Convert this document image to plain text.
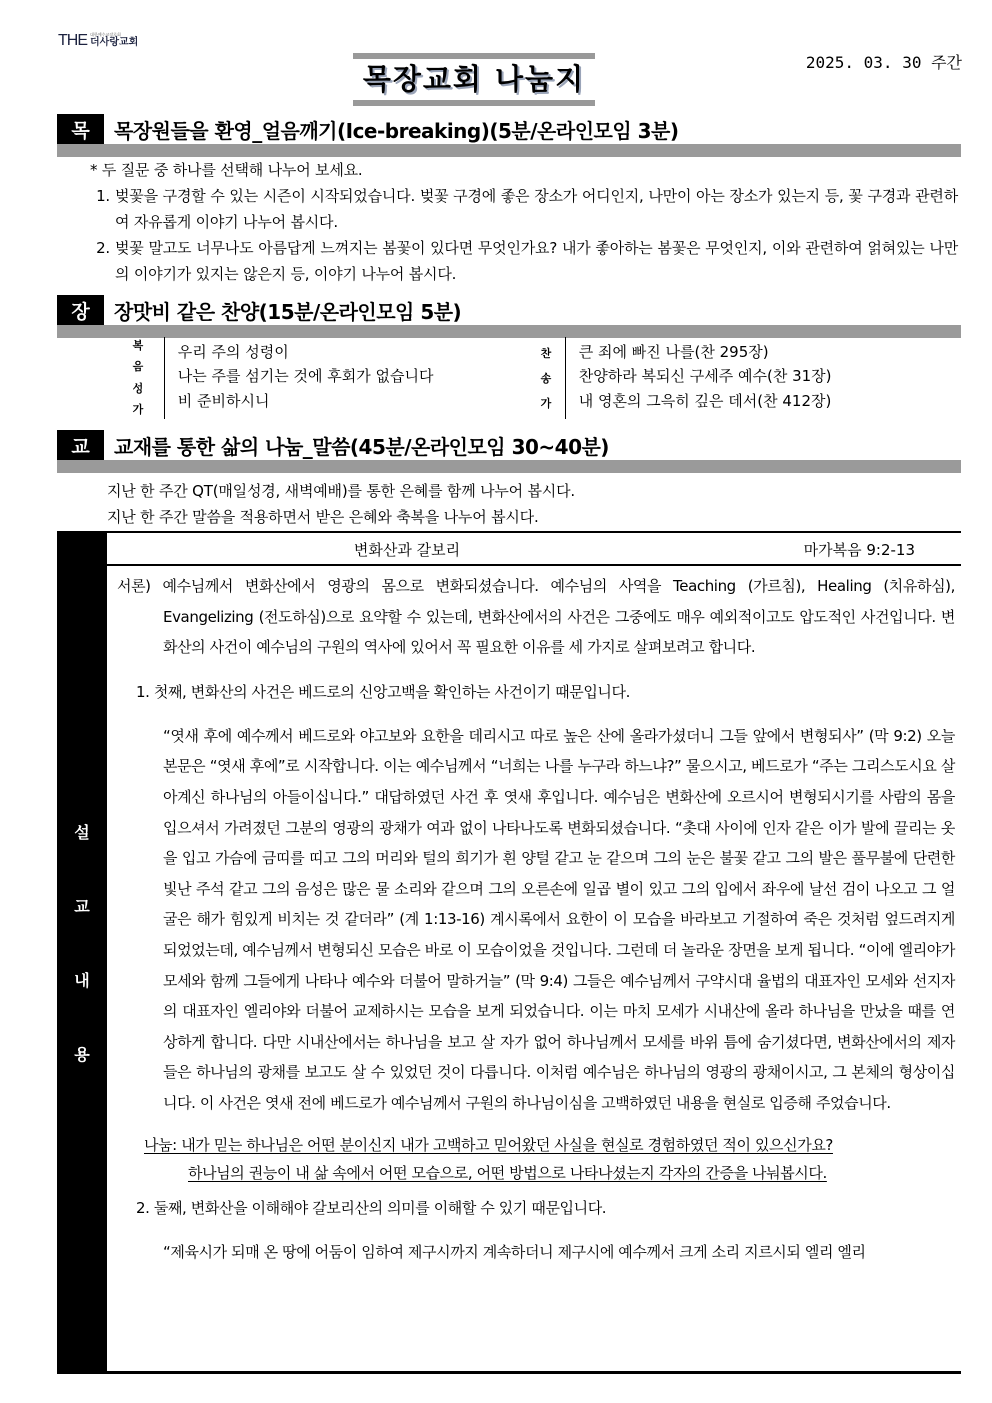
THE 대한예수교장로회
더사랑교회
2025. 03. 30 주간
목장교회 나눔지
목	목장원들을 환영_얼음깨기(Ice-breaking)(5분/온라인모임 3분)
* 두 질문 중 하나를 선택해 나누어 보세요.
1. 벚꽃을 구경할 수 있는 시즌이 시작되었습니다. 벚꽃 구경에 좋은 장소가 어디인지, 나만이 아는 장소가 있는지 등, 꽃 구경과 관련하여 자유롭게 이야기 나누어 봅시다.
2. 벚꽃 말고도 너무나도 아름답게 느껴지는 봄꽃이 있다면 무엇인가요? 내가 좋아하는 봄꽃은 무엇인지, 이와 관련하여 얽혀있는 나만의 이야기가 있지는 않은지 등, 이야기 나누어 봅시다.
장	장맛비 같은 찬양(15분/온라인모임 5분)
복
음
성
가
우리 주의 성령이
나는 주를 섬기는 것에 후회가 없습니다
비 준비하시니
찬
송
가
큰 죄에 빠진 나를(찬 295장)
찬양하라 복되신 구세주 예수(찬 31장)
내 영혼의 그윽히 깊은 데서(찬 412장)
교	교재를 통한 삶의 나눔_말씀(45분/온라인모임 30~40분)
지난 한 주간 QT(매일성경, 새벽예배)를 통한 은혜를 함께 나누어 봅시다.
지난 한 주간 말씀을 적용하면서 받은 은혜와 축복을 나누어 봅시다.
설
교
내
용
변화산과 갈보리	마가복음 9:2-13

서론) 예수님께서 변화산에서 영광의 몸으로 변화되셨습니다. 예수님의 사역을 Teaching (가르침), Healing (치유하심), Evangelizing (전도하심)으로 요약할 수 있는데, 변화산에서의 사건은 그중에도 매우 예외적이고도 압도적인 사건입니다. 변화산의 사건이 예수님의 구원의 역사에 있어서 꼭 필요한 이유를 세 가지로 살펴보려고 합니다.

1. 첫째, 변화산의 사건은 베드로의 신앙고백을 확인하는 사건이기 때문입니다.

“엿새 후에 예수께서 베드로와 야고보와 요한을 데리시고 따로 높은 산에 올라가셨더니 그들 앞에서 변형되사” (막 9:2) 오늘 본문은 “엿새 후에”로 시작합니다. 이는 예수님께서 “너희는 나를 누구라 하느냐?” 물으시고, 베드로가 “주는 그리스도시요 살아계신 하나님의 아들이십니다.” 대답하였던 사건 후 엿새 후입니다. 예수님은 변화산에 오르시어 변형되시기를 사람의 몸을 입으셔서 가려졌던 그분의 영광의 광채가 여과 없이 나타나도록 변화되셨습니다. “촛대 사이에 인자 같은 이가 발에 끌리는 옷을 입고 가슴에 금띠를 띠고 그의 머리와 털의 희기가 흰 양털 같고 눈 같으며 그의 눈은 불꽃 같고 그의 발은 풀무불에 단련한 빛난 주석 같고 그의 음성은 많은 물 소리와 같으며 그의 오른손에 일곱 별이 있고 그의 입에서 좌우에 날선 검이 나오고 그 얼굴은 해가 힘있게 비치는 것 같더라” (계 1:13-16) 계시록에서 요한이 이 모습을 바라보고 기절하여 죽은 것처럼 엎드려지게 되었었는데, 예수님께서 변형되신 모습은 바로 이 모습이었을 것입니다. 그런데 더 놀라운 장면을 보게 됩니다. “이에 엘리야가 모세와 함께 그들에게 나타나 예수와 더불어 말하거늘” (막 9:4) 그들은 예수님께서 구약시대 율법의 대표자인 모세와 선지자의 대표자인 엘리야와 더불어 교제하시는 모습을 보게 되었습니다. 이는 마치 모세가 시내산에 올라 하나님을 만났을 때를 연상하게 합니다. 다만 시내산에서는 하나님을 보고 살 자가 없어 하나님께서 모세를 바위 틈에 숨기셨다면, 변화산에서의 제자들은 하나님의 광채를 보고도 살 수 있었던 것이 다릅니다. 이처럼 예수님은 하나님의 영광의 광채이시고, 그 본체의 형상이십니다. 이 사건은 엿새 전에 베드로가 예수님께서 구원의 하나님이심을 고백하였던 내용을 현실로 입증해 주었습니다.

나눔: 내가 믿는 하나님은 어떤 분이신지 내가 고백하고 믿어왔던 사실을 현실로 경험하였던 적이 있으신가요?
하나님의 권능이 내 삶 속에서 어떤 모습으로, 어떤 방법으로 나타나셨는지 각자의 간증을 나눠봅시다.

2. 둘째, 변화산을 이해해야 갈보리산의 의미를 이해할 수 있기 때문입니다.

“제육시가 되매 온 땅에 어둠이 임하여 제구시까지 계속하더니 제구시에 예수께서 크게 소리 지르시되 엘리 엘리
